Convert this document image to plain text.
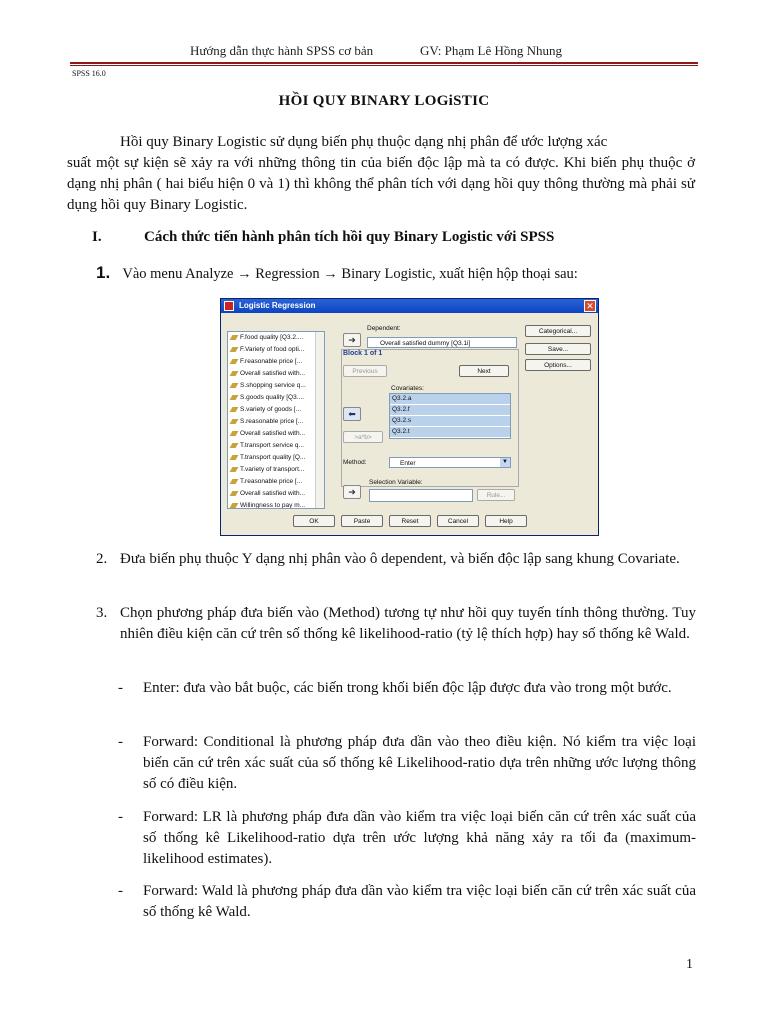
Hướng dẫn thực hành SPSS cơ bản	GV: Phạm Lê Hồng Nhung
SPSS 16.0
HỒI QUY BINARY LOGiSTIC
Hồi quy Binary Logistic sử dụng biến phụ thuộc dạng nhị phân để ước lượng xác
suất một sự kiện sẽ xảy ra với những thông tin của biến độc lập mà ta có được. Khi biến phụ thuộc ở dạng nhị phân ( hai biểu hiện 0 và 1) thì không thể phân tích với dạng hồi quy thông thường mà phải sử dụng hồi quy Binary Logistic.
I.	Cách thức tiến hành phân tích hồi quy Binary Logistic với SPSS
1. Vào menu Analyze → Regression → Binary Logistic, xuất hiện hộp thoại sau:
Logistic Regression	✕
F.food quality [Q3.2....
F.Variety of food opti...
F.reasonable price [...
Overall satisfied with...
S.shopping service q...
S.goods quality [Q3....
S.variety of goods [...
S.reasonable price [...
Overall satisfied with...
T.transport service q...
T.transport quality [Q...
T.variety of transport...
T.reasonable price [...
Overall satisfied with...
Willingness to pay m...
➜
Dependent:
Overall satisfied dummy [Q3.1i]
Block 1 of 1
Previous	Next
Covariates:
Q3.2.a
Q3.2.f
Q3.2.s
Q3.2.t
⬅
>a*b>
Method:	Enter	▼
➜
Selection Variable:
Rule...
Categorical...
Save...
Options...
OK	Paste	Reset	Cancel	Help
2. Đưa biến phụ thuộc Y dạng nhị phân vào ô dependent, và biến độc lập sang khung Covariate.
3. Chọn phương pháp đưa biến vào (Method) tương tự như hồi quy tuyến tính thông thường. Tuy nhiên điều kiện căn cứ trên số thống kê likelihood-ratio (tỷ lệ thích hợp) hay số thống kê Wald.
- Enter: đưa vào bắt buộc, các biến trong khối biến độc lập được đưa vào trong một bước.
- Forward: Conditional là phương pháp đưa dần vào theo điều kiện. Nó kiểm tra việc loại biến căn cứ trên xác suất của số thống kê Likelihood-ratio dựa trên những ước lượng thông số có điều kiện.
- Forward: LR là phương pháp đưa dần vào kiểm tra việc loại biến căn cứ trên xác suất của số thống kê Likelihood-ratio dựa trên ước lượng khả năng xảy ra tối đa (maximum-likelihood estimates).
- Forward: Wald là phương pháp đưa dần vào kiểm tra việc loại biến căn cứ trên xác suất của số thống kê Wald.
1
